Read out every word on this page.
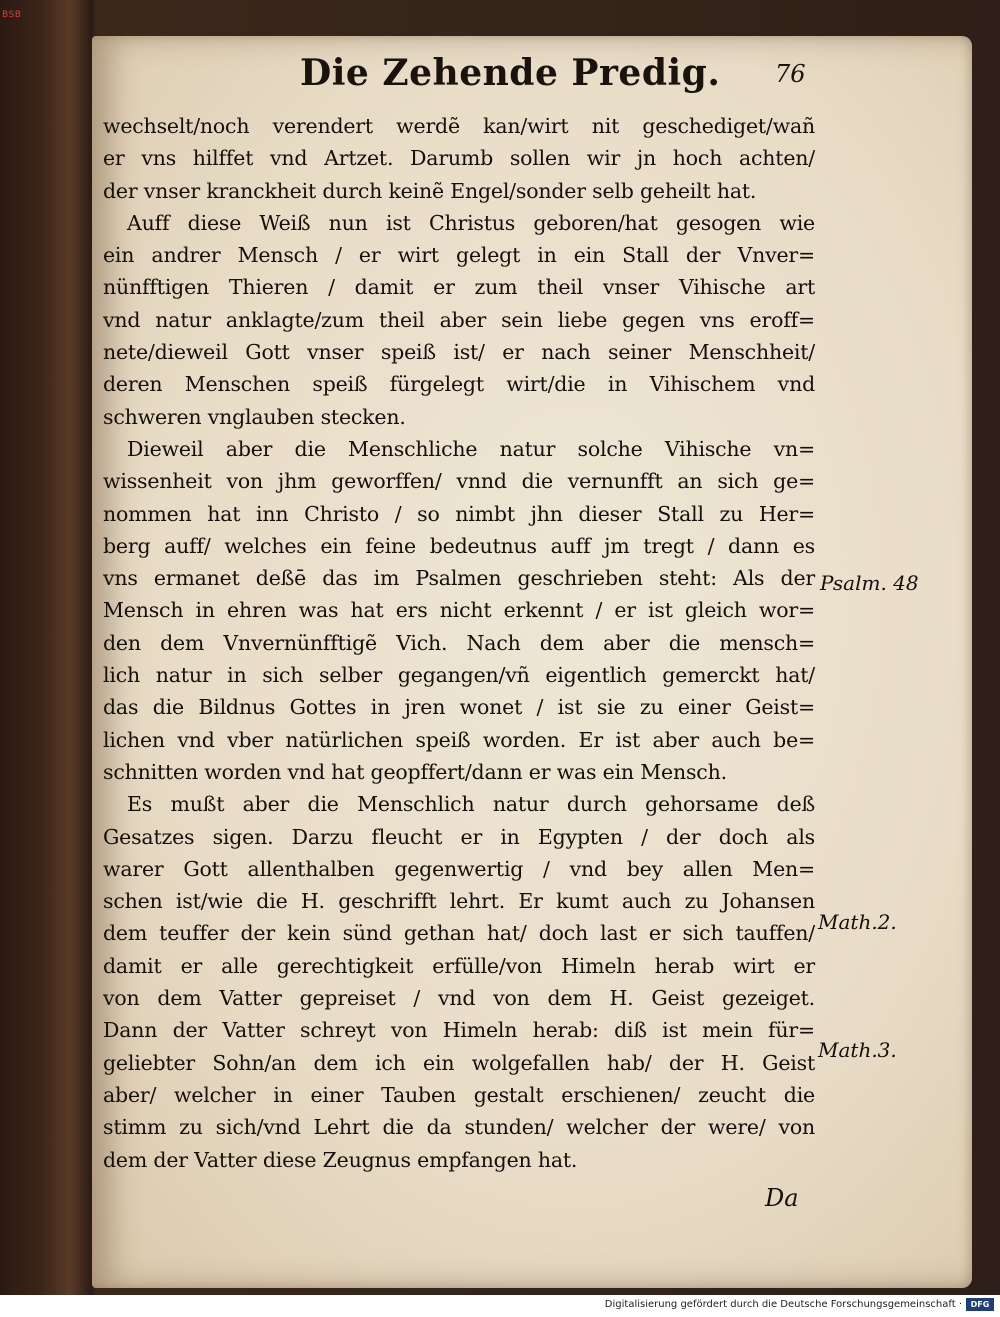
BSB
Die Zehende Predig. 76
wechselt/noch verendert werdẽ kan/wirt nit geschediget/wañ
er vns hilffet vnd Artzet. Darumb sollen wir jn hoch achten/
der vnser kranckheit durch keinẽ Engel/sonder selb geheilt hat.
Auff diese Weiß nun ist Christus geboren/hat gesogen wie
ein andrer Mensch / er wirt gelegt in ein Stall der Vnver=
nünfftigen Thieren / damit er zum theil vnser Vihische art
vnd natur anklagte/zum theil aber sein liebe gegen vns eroff=
nete/dieweil Gott vnser speiß ist/ er nach seiner Menschheit/
deren Menschen speiß fürgelegt wirt/die in Vihischem vnd
schweren vnglauben stecken.
Dieweil aber die Menschliche natur solche Vihische vn=
wissenheit von jhm geworffen/ vnnd die vernunfft an sich ge=
nommen hat inn Christo / so nimbt jhn dieser Stall zu Her=
berg auff/ welches ein feine bedeutnus auff jm tregt / dann es
vns ermanet deßē das im Psalmen geschrieben steht: Als der
Mensch in ehren was hat ers nicht erkennt / er ist gleich wor=
den dem Vnvernünfftigẽ Vich. Nach dem aber die mensch=
lich natur in sich selber gegangen/vñ eigentlich gemerckt hat/
das die Bildnus Gottes in jren wonet / ist sie zu einer Geist=
lichen vnd vber natürlichen speiß worden. Er ist aber auch be=
schnitten worden vnd hat geopffert/dann er was ein Mensch.
Es mußt aber die Menschlich natur durch gehorsame deß
Gesatzes sigen. Darzu fleucht er in Egypten / der doch als
warer Gott allenthalben gegenwertig / vnd bey allen Men=
schen ist/wie die H. geschrifft lehrt. Er kumt auch zu Johansen
dem teuffer der kein sünd gethan hat/ doch last er sich tauffen/
damit er alle gerechtigkeit erfülle/von Himeln herab wirt er
von dem Vatter gepreiset / vnd von dem H. Geist gezeiget.
Dann der Vatter schreyt von Himeln herab: diß ist mein für=
geliebter Sohn/an dem ich ein wolgefallen hab/ der H. Geist
aber/ welcher in einer Tauben gestalt erschienen/ zeucht die
stimm zu sich/vnd Lehrt die da stunden/ welcher der were/ von
dem der Vatter diese Zeugnus empfangen hat.
Psalm. 48
Math.2.
Math.3.
Da
Digitalisierung gefördert durch die Deutsche Forschungsgemeinschaft ·	DFG
